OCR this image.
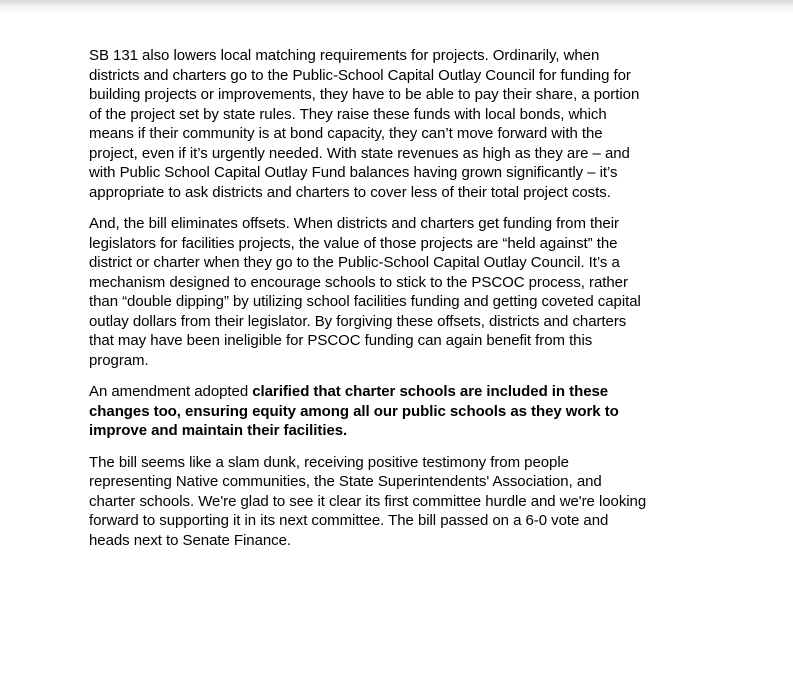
SB 131 also lowers local matching requirements for projects. Ordinarily, when
districts and charters go to the Public-School Capital Outlay Council for funding for
building projects or improvements, they have to be able to pay their share, a portion
of the project set by state rules. They raise these funds with local bonds, which
means if their community is at bond capacity, they can’t move forward with the
project, even if it’s urgently needed. With state revenues as high as they are – and
with Public School Capital Outlay Fund balances having grown significantly – it’s
appropriate to ask districts and charters to cover less of their total project costs.

And, the bill eliminates offsets. When districts and charters get funding from their
legislators for facilities projects, the value of those projects are “held against” the
district or charter when they go to the Public-School Capital Outlay Council. It’s a
mechanism designed to encourage schools to stick to the PSCOC process, rather
than “double dipping” by utilizing school facilities funding and getting coveted capital
outlay dollars from their legislator. By forgiving these offsets, districts and charters
that may have been ineligible for PSCOC funding can again benefit from this
program.

An amendment adopted clarified that charter schools are included in these
changes too, ensuring equity among all our public schools as they work to
improve and maintain their facilities.

The bill seems like a slam dunk, receiving positive testimony from people
representing Native communities, the State Superintendents' Association, and
charter schools. We're glad to see it clear its first committee hurdle and we're looking
forward to supporting it in its next committee. The bill passed on a 6-0 vote and
heads next to Senate Finance.
